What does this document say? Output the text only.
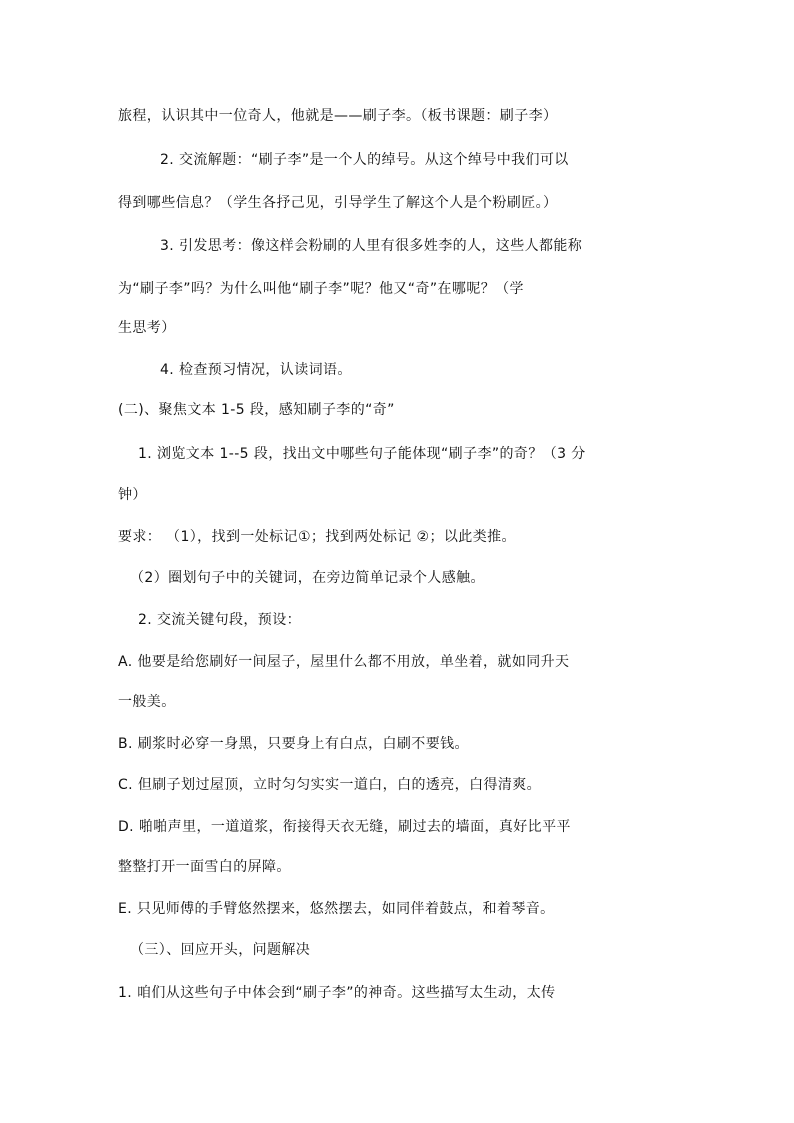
旅程，认识其中一位奇人，他就是——刷子李。（板书课题：刷子李）
2. 交流解题：“刷子李”是一个人的绰号。从这个绰号中我们可以
得到哪些信息？（学生各抒己见，引导学生了解这个人是个粉刷匠。）
3. 引发思考：像这样会粉刷的人里有很多姓李的人，这些人都能称
为“刷子李”吗？为什么叫他“刷子李”呢？他又“奇”在哪呢？（学
生思考）
4. 检查预习情况，认读词语。
(二)、聚焦文本 1-5 段，感知刷子李的“奇”
1. 浏览文本 1--5 段，找出文中哪些句子能体现“刷子李”的奇？（3 分
钟）
要求： （1），找到一处标记①；找到两处标记 ②；以此类推。
（2）圈划句子中的关键词，在旁边简单记录个人感触。
2. 交流关键句段，预设：
A. 他要是给您刷好一间屋子，屋里什么都不用放，单坐着，就如同升天
一般美。
B. 刷浆时必穿一身黑，只要身上有白点，白刷不要钱。
C. 但刷子划过屋顶，立时匀匀实实一道白，白的透亮，白得清爽。
D. 啪啪声里，一道道浆，衔接得天衣无缝，刷过去的墙面，真好比平平
整整打开一面雪白的屏障。
E. 只见师傅的手臂悠然摆来，悠然摆去，如同伴着鼓点，和着琴音。
（三）、回应开头，问题解决
1. 咱们从这些句子中体会到“刷子李”的神奇。这些描写太生动，太传
